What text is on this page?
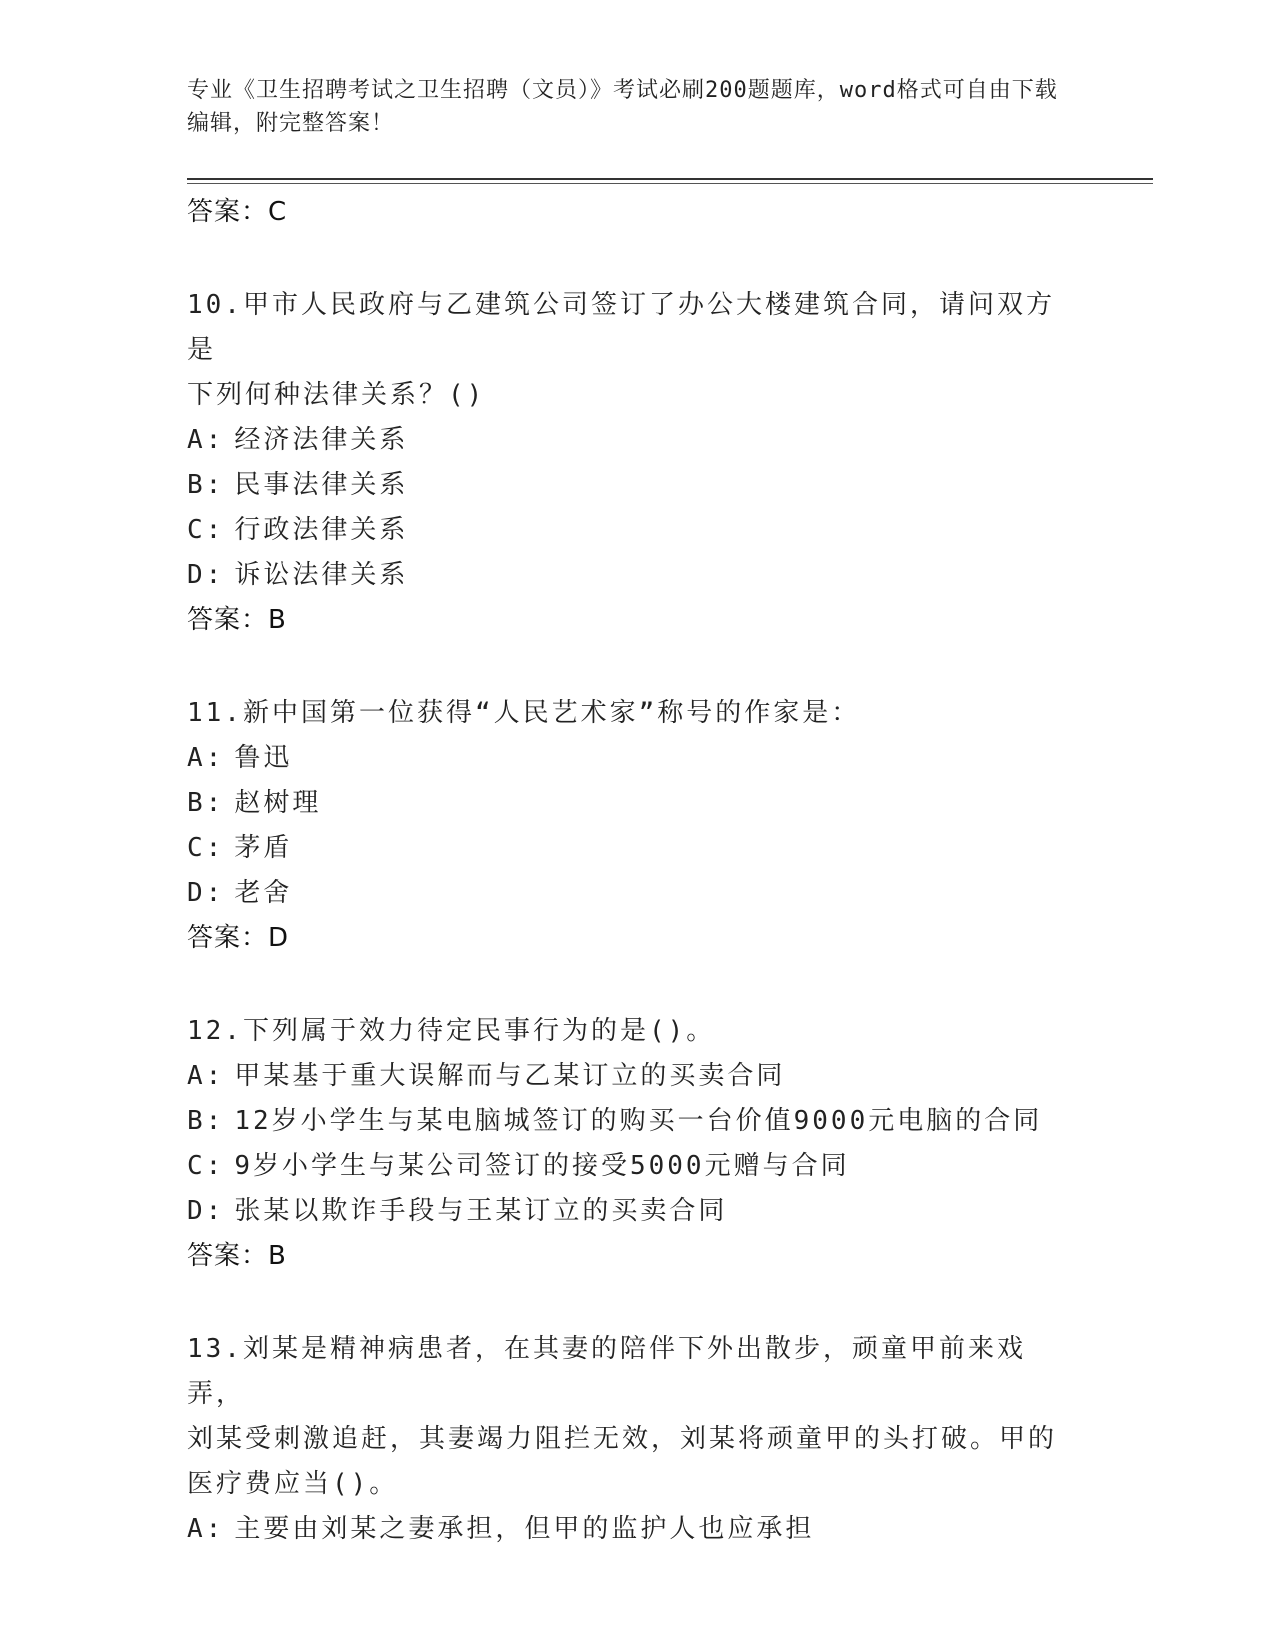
专业《卫生招聘考试之卫生招聘（文员）》考试必刷200题题库，word格式可自由下载编辑，附完整答案！
答案：C
10.甲市人民政府与乙建筑公司签订了办公大楼建筑合同，请问双方是
下列何种法律关系？()
A: 经济法律关系
B: 民事法律关系
C: 行政法律关系
D: 诉讼法律关系
答案：B
11.新中国第一位获得“人民艺术家”称号的作家是：
A: 鲁迅
B: 赵树理
C: 茅盾
D: 老舍
答案：D
12.下列属于效力待定民事行为的是()。
A: 甲某基于重大误解而与乙某订立的买卖合同
B: 12岁小学生与某电脑城签订的购买一台价值9000元电脑的合同
C: 9岁小学生与某公司签订的接受5000元赠与合同
D: 张某以欺诈手段与王某订立的买卖合同
答案：B
13.刘某是精神病患者，在其妻的陪伴下外出散步，顽童甲前来戏弄，
刘某受刺激追赶，其妻竭力阻拦无效，刘某将顽童甲的头打破。甲的
医疗费应当()。
A: 主要由刘某之妻承担，但甲的监护人也应承担
